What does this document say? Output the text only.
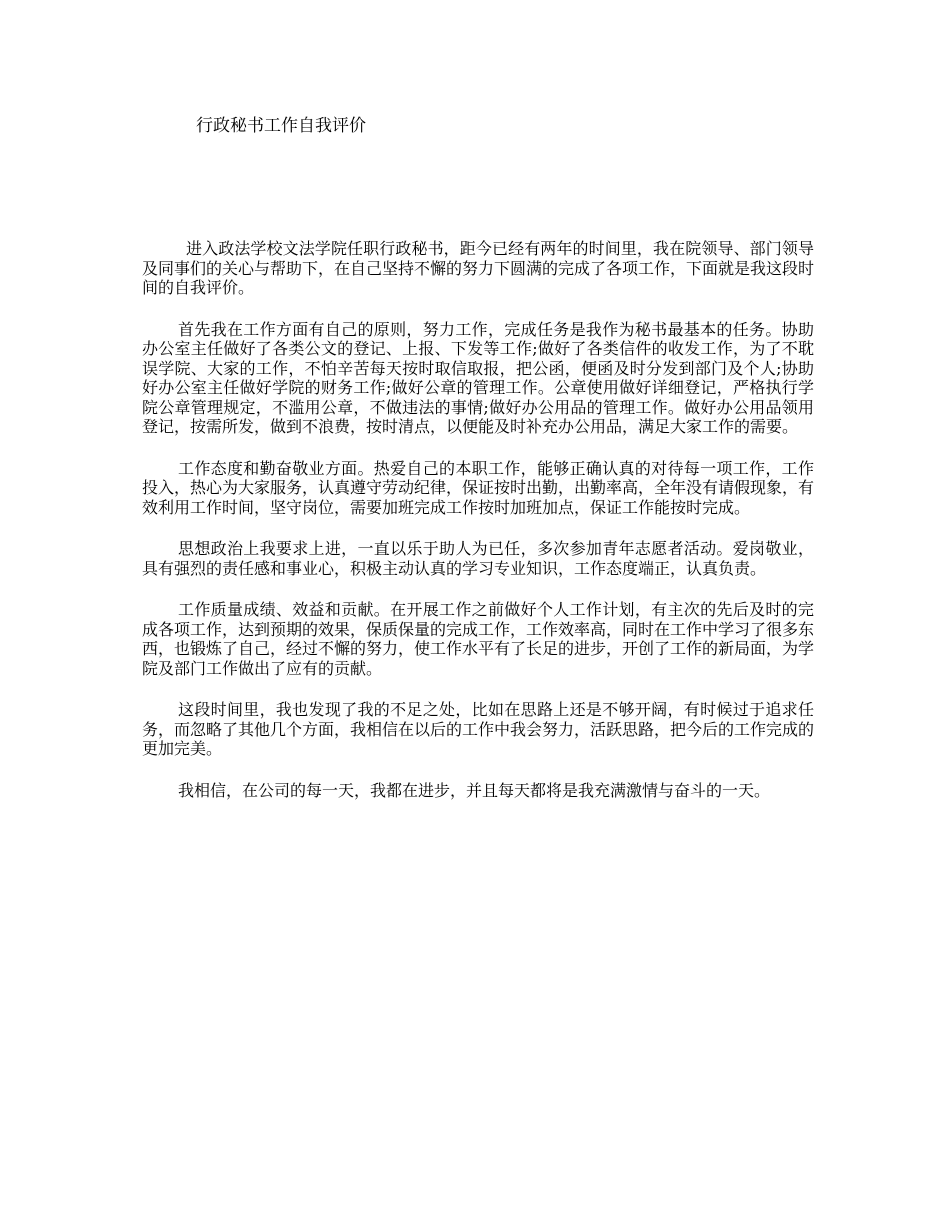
行政秘书工作自我评价

进入政法学校文法学院任职行政秘书，距今已经有两年的时间里，我在院领导、部门领导及同事们的关心与帮助下，在自己坚持不懈的努力下圆满的完成了各项工作，下面就是我这段时间的自我评价。

首先我在工作方面有自己的原则，努力工作，完成任务是我作为秘书最基本的任务。协助办公室主任做好了各类公文的登记、上报、下发等工作;做好了各类信件的收发工作，为了不耽误学院、大家的工作，不怕辛苦每天按时取信取报，把公函，便函及时分发到部门及个人;协助好办公室主任做好学院的财务工作;做好公章的管理工作。公章使用做好详细登记，严格执行学院公章管理规定，不滥用公章，不做违法的事情;做好办公用品的管理工作。做好办公用品领用登记，按需所发，做到不浪费，按时清点，以便能及时补充办公用品，满足大家工作的需要。

工作态度和勤奋敬业方面。热爱自己的本职工作，能够正确认真的对待每一项工作，工作投入，热心为大家服务，认真遵守劳动纪律，保证按时出勤，出勤率高，全年没有请假现象，有效利用工作时间，坚守岗位，需要加班完成工作按时加班加点，保证工作能按时完成。

思想政治上我要求上进，一直以乐于助人为已任，多次参加青年志愿者活动。爱岗敬业，具有强烈的责任感和事业心，积极主动认真的学习专业知识，工作态度端正，认真负责。

工作质量成绩、效益和贡献。在开展工作之前做好个人工作计划，有主次的先后及时的完成各项工作，达到预期的效果，保质保量的完成工作，工作效率高，同时在工作中学习了很多东西，也锻炼了自己，经过不懈的努力，使工作水平有了长足的进步，开创了工作的新局面，为学院及部门工作做出了应有的贡献。

这段时间里，我也发现了我的不足之处，比如在思路上还是不够开阔，有时候过于追求任务，而忽略了其他几个方面，我相信在以后的工作中我会努力，活跃思路，把今后的工作完成的更加完美。

我相信，在公司的每一天，我都在进步，并且每天都将是我充满激情与奋斗的一天。
